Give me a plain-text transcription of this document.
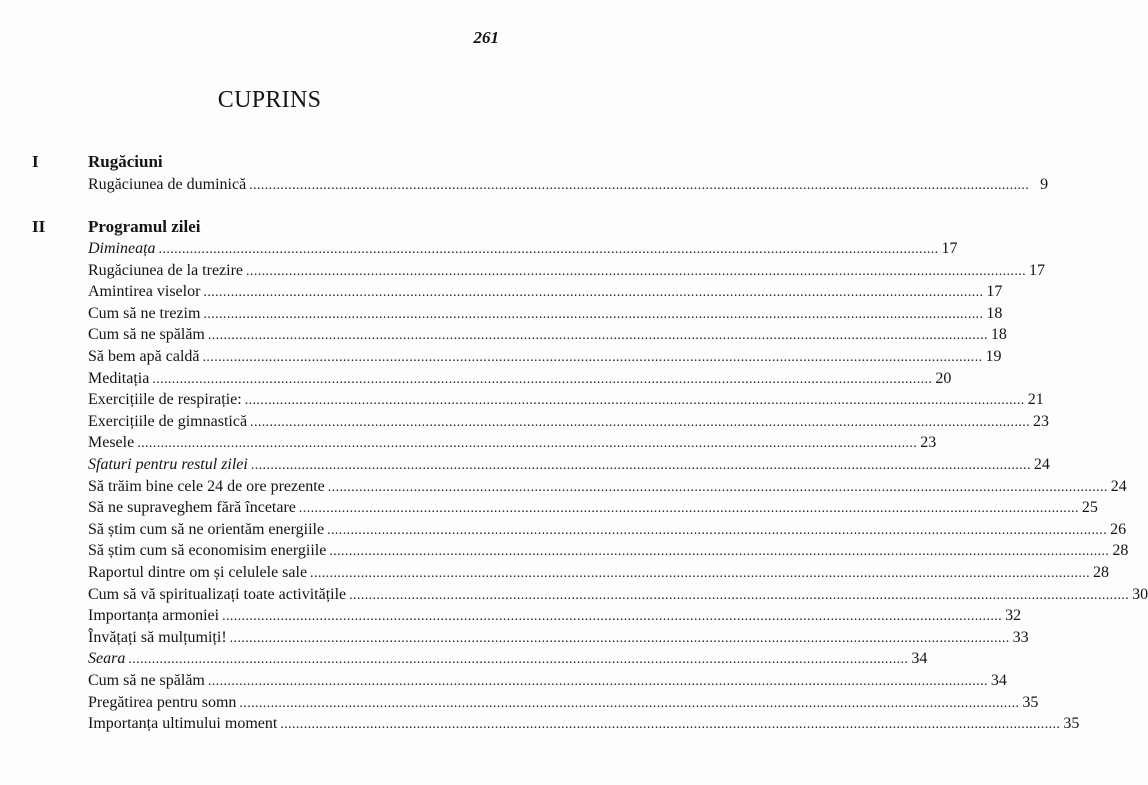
261
CUPRINS
I	Rugăciuni
II	Programul zilei
Rugăciunea de duminică ........................................................................................................................................................................................................ 9
Dimineața ........................................................................................................................................................................................................ 17
Rugăciunea de la trezire ........................................................................................................................................................................................................ 17
Amintirea viselor ........................................................................................................................................................................................................ 17
Cum să ne trezim ........................................................................................................................................................................................................ 18
Cum să ne spălăm ........................................................................................................................................................................................................ 18
Să bem apă caldă ........................................................................................................................................................................................................ 19
Meditația ........................................................................................................................................................................................................ 20
Exercițiile de respirație: ........................................................................................................................................................................................................ 21
Exercițiile de gimnastică ........................................................................................................................................................................................................ 23
Mesele ........................................................................................................................................................................................................ 23
Sfaturi pentru restul zilei ........................................................................................................................................................................................................ 24
Să trăim bine cele 24 de ore prezente ........................................................................................................................................................................................................ 24
Să ne supraveghem fără încetare ........................................................................................................................................................................................................ 25
Să știm cum să ne orientăm energiile ........................................................................................................................................................................................................ 26
Să știm cum să economisim energiile ........................................................................................................................................................................................................ 28
Raportul dintre om și celulele sale ........................................................................................................................................................................................................ 28
Cum să vă spiritualizați toate activitățile ........................................................................................................................................................................................................ 30
Importanța armoniei ........................................................................................................................................................................................................ 32
Învățați să mulțumiți! ........................................................................................................................................................................................................ 33
Seara ........................................................................................................................................................................................................ 34
Cum să ne spălăm ........................................................................................................................................................................................................ 34
Pregătirea pentru somn ........................................................................................................................................................................................................ 35
Importanța ultimului moment ........................................................................................................................................................................................................ 35
